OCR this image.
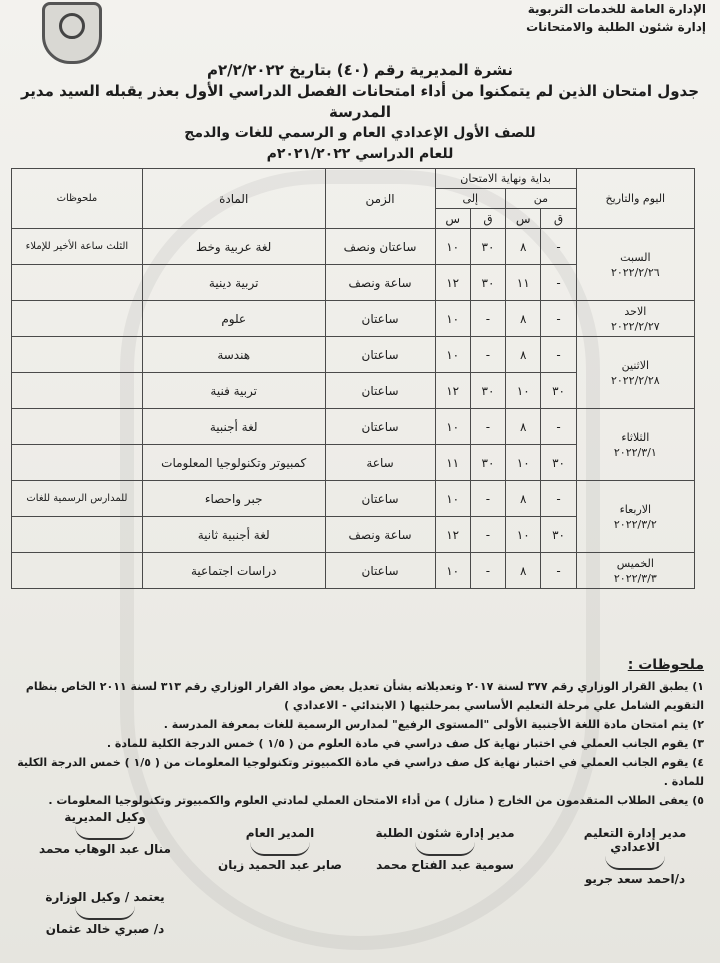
الإدارة العامة للخدمات التربوية
إدارة شئون الطلبة والامتحانات
نشرة المديرية رقم (٤٠) بتاريخ ٢/٢/٢٠٢٢م
جدول امتحان الذين لم يتمكنوا من أداء امتحانات الفصل الدراسي الأول بعذر يقبله السيد مدير المدرسة
للصف الأول الإعدادي العام و الرسمي للغات والدمج
للعام الدراسي ٢٠٢١/٢٠٢٢م
اليوم والتاريخ	بداية ونهاية الامتحان				الزمن	المادة	ملحوظات
	من		إلى				
	ق	س	ق	س			

السبت
٢٠٢٢/٢/٢٦	-	٨	٣٠	١٠	ساعتان ونصف	لغة عربية وخط	الثلث ساعة الأخير للإملاء
	-	١١	٣٠	١٢	ساعة ونصف	تربية دينية	

الاحد
٢٠٢٢/٢/٢٧	-	٨	-	١٠	ساعتان	علوم	

الاثنين
٢٠٢٢/٢/٢٨	-	٨	-	١٠	ساعتان	هندسة	
	٣٠	١٠	٣٠	١٢	ساعتان	تربية فنية	

الثلاثاء
٢٠٢٢/٣/١	-	٨	-	١٠	ساعتان	لغة أجنبية	
	٣٠	١٠	٣٠	١١	ساعة	كمبيوتر وتكنولوجيا المعلومات	

الاربعاء
٢٠٢٢/٣/٢	-	٨	-	١٠	ساعتان	جبر واحصاء	للمدارس الرسمية للغات
	٣٠	١٠	-	١٢	ساعة ونصف	لغة أجنبية ثانية	

الخميس
٢٠٢٢/٣/٣	-	٨	-	١٠	ساعتان	دراسات اجتماعية	
ملحوظات :
١) يطبق القرار الوزاري رقم ٣٧٧ لسنة ٢٠١٧ وتعديلاته بشأن تعديل بعض مواد القرار الوزاري رقم ٣١٣ لسنة ٢٠١١ الخاص بنظام التقويم الشامل علي مرحلة التعليم الأساسي بمرحلتيها ( الابتدائي - الاعدادي )
٢) يتم امتحان مادة اللغة الأجنبية الأولى "المستوى الرفيع" لمدارس الرسمية للغات بمعرفة المدرسة .
٣) يقوم الجانب العملي في اختبار نهاية كل صف دراسي في مادة العلوم من ( ١/٥ ) خمس الدرجة الكلية للمادة .
٤) يقوم الجانب العملي في اختبار نهاية كل صف دراسي في مادة الكمبيوتر وتكنولوجيا المعلومات من ( ١/٥ ) خمس الدرجة الكلية للمادة .
٥) يعفى الطلاب المتقدمون من الخارج ( منازل ) من أداء الامتحان العملي لمادتي العلوم والكمبيوتر وتكنولوجيا المعلومات .
مدير إدارة التعليم الاعدادي
د/احمد سعد جريو
مدير إدارة شئون الطلبة
سومية عبد الفتاح محمد
المدير العام
صابر عبد الحميد زيان
وكيل المديرية
منال عبد الوهاب محمد
يعتمد / وكيل الوزارة
د/ صبري خالد عثمان
